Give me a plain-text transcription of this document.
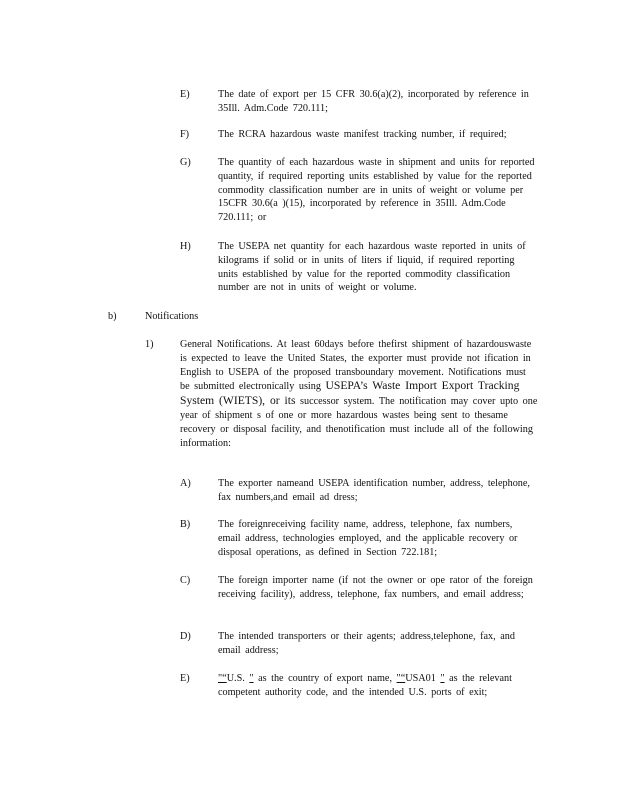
E)	The date of export per 15 CFR 30.6(a)(2), incorporated by reference in 35Ill. Adm.Code 720.111;

F)	The RCRA hazardous waste manifest tracking number, if required;

G)	The quantity of each hazardous waste in shipment and units for reported quantity, if required reporting units established by value for the reported commodity classification number are in units of weight or volume per 15CFR 30.6(a )(15), incorporated by reference in 35Ill. Adm.Code 720.111; or

H)	The USEPA net quantity for each hazardous waste reported in units of kilograms if solid or in units of liters if liquid, if required reporting units established by value for the reported commodity classification number are not in units of weight or volume.

b)	Notifications
1)	General Notifications. At least 60days before thefirst shipment of hazardouswaste is expected to leave the United States, the exporter must provide not ification in English to USEPA of the proposed transboundary movement. Notifications must be submitted electronically using USEPA’s Waste Import Export Tracking System (WIETS), or its successor system. The notification may cover upto one year of shipment s of one or more hazardous wastes being sent to thesame recovery or disposal facility, and thenotification must include all of the following information:

A)	The exporter nameand USEPA identification number, address, telephone, fax numbers,and email ad dress;

B)	The foreignreceiving facility name, address, telephone, fax numbers, email address, technologies employed, and the applicable recovery or disposal operations, as defined in Section 722.181;

C)	The foreign importer name (if not the owner or ope rator of the foreign receiving facility), address, telephone, fax numbers, and email address;

D)	The intended transporters or their agents; address,telephone, fax, and email address;

E)	"“U.S. " as the country of export name, "“USA01 " as the relevant competent authority code, and the intended U.S. ports of exit;
